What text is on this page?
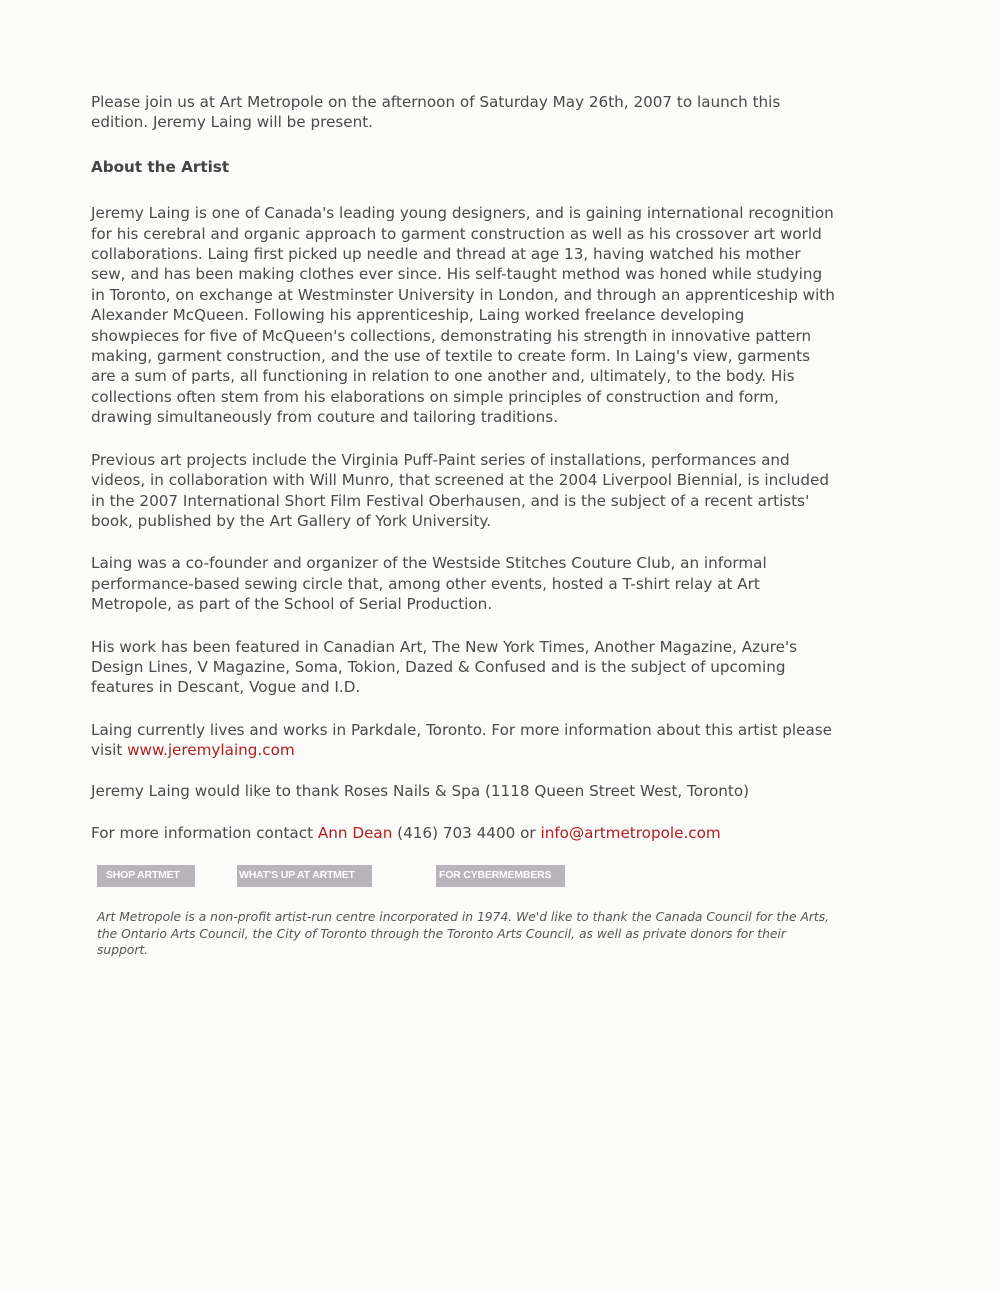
Please join us at Art Metropole on the afternoon of Saturday May 26th, 2007 to launch this edition. Jeremy Laing will be present.

About the Artist

Jeremy Laing is one of Canada's leading young designers, and is gaining international recognition for his cerebral and organic approach to garment construction as well as his crossover art world collaborations. Laing first picked up needle and thread at age 13, having watched his mother sew, and has been making clothes ever since. His self-taught method was honed while studying in Toronto, on exchange at Westminster University in London, and through an apprenticeship with Alexander McQueen. Following his apprenticeship, Laing worked freelance developing showpieces for five of McQueen's collections, demonstrating his strength in innovative pattern making, garment construction, and the use of textile to create form. In Laing's view, garments are a sum of parts, all functioning in relation to one another and, ultimately, to the body. His collections often stem from his elaborations on simple principles of construction and form, drawing simultaneously from couture and tailoring traditions.

Previous art projects include the Virginia Puff-Paint series of installations, performances and videos, in collaboration with Will Munro, that screened at the 2004 Liverpool Biennial, is included in the 2007 International Short Film Festival Oberhausen, and is the subject of a recent artists' book, published by the Art Gallery of York University.

Laing was a co-founder and organizer of the Westside Stitches Couture Club, an informal performance-based sewing circle that, among other events, hosted a T-shirt relay at Art Metropole, as part of the School of Serial Production.

His work has been featured in Canadian Art, The New York Times, Another Magazine, Azure's Design Lines, V Magazine, Soma, Tokion, Dazed & Confused and is the subject of upcoming features in Descant, Vogue and I.D.

Laing currently lives and works in Parkdale, Toronto. For more information about this artist please visit www.jeremylaing.com

Jeremy Laing would like to thank Roses Nails & Spa (1118 Queen Street West, Toronto)

For more information contact Ann Dean (416) 703 4400 or info@artmetropole.com

SHOP ARTMET	WHAT'S UP AT ARTMET	FOR CYBERMEMBERS

Art Metropole is a non-profit artist-run centre incorporated in 1974. We'd like to thank the Canada Council for the Arts, the Ontario Arts Council, the City of Toronto through the Toronto Arts Council, as well as private donors for their support.
